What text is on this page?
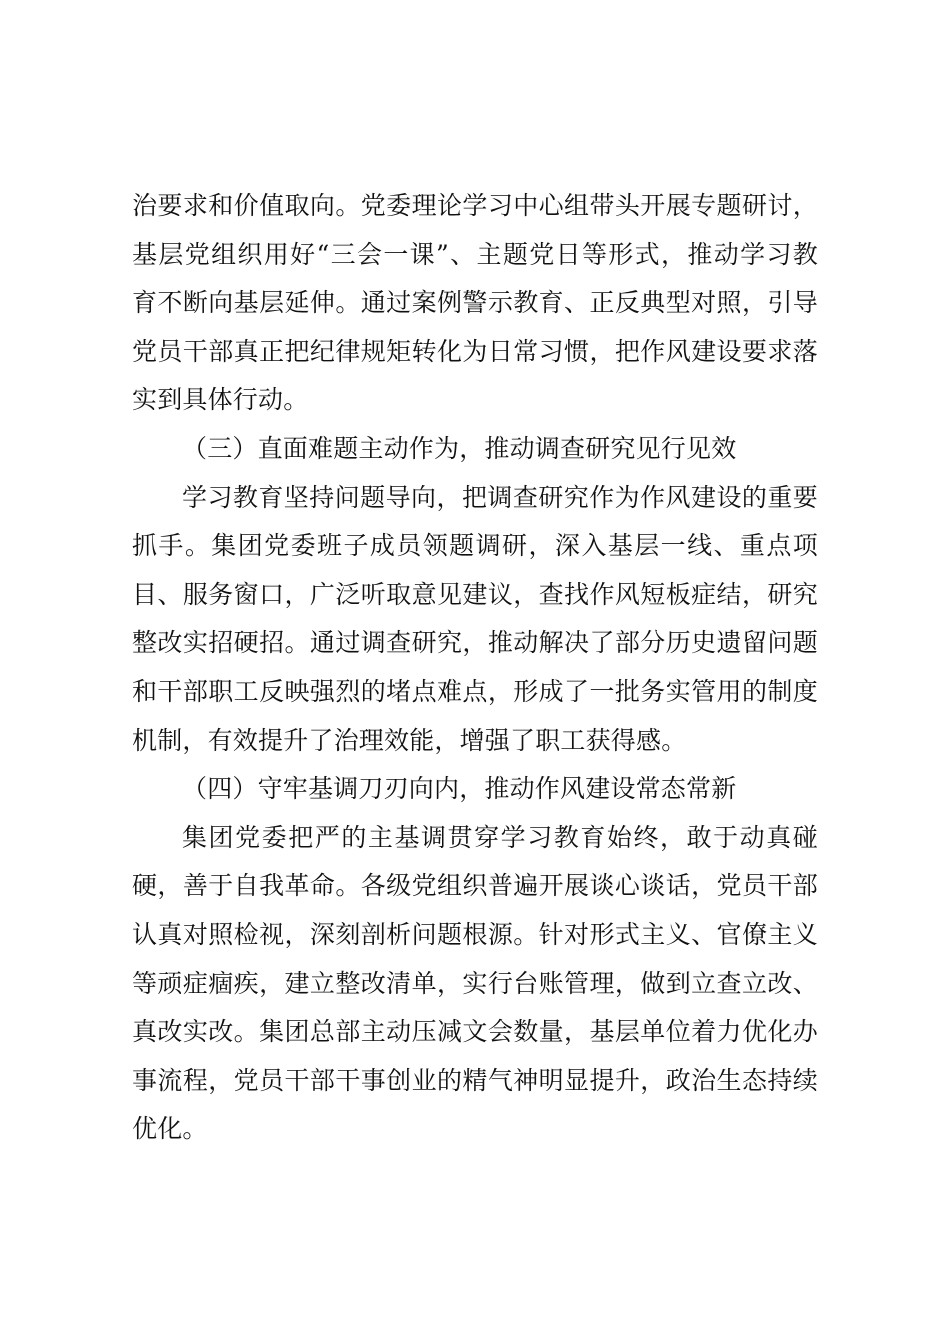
治要求和价值取向。党委理论学习中心组带头开展专题研讨，
基层党组织用好“三会一课”、主题党日等形式，推动学习教
育不断向基层延伸。通过案例警示教育、正反典型对照，引导
党员干部真正把纪律规矩转化为日常习惯，把作风建设要求落
实到具体行动。
（三）直面难题主动作为，推动调查研究见行见效
学习教育坚持问题导向，把调查研究作为作风建设的重要
抓手。集团党委班子成员领题调研，深入基层一线、重点项
目、服务窗口，广泛听取意见建议，查找作风短板症结，研究
整改实招硬招。通过调查研究，推动解决了部分历史遗留问题
和干部职工反映强烈的堵点难点，形成了一批务实管用的制度
机制，有效提升了治理效能，增强了职工获得感。
（四）守牢基调刀刃向内，推动作风建设常态常新
集团党委把严的主基调贯穿学习教育始终，敢于动真碰
硬，善于自我革命。各级党组织普遍开展谈心谈话，党员干部
认真对照检视，深刻剖析问题根源。针对形式主义、官僚主义
等顽症痼疾，建立整改清单，实行台账管理，做到立查立改、
真改实改。集团总部主动压减文会数量，基层单位着力优化办
事流程，党员干部干事创业的精气神明显提升，政治生态持续
优化。
